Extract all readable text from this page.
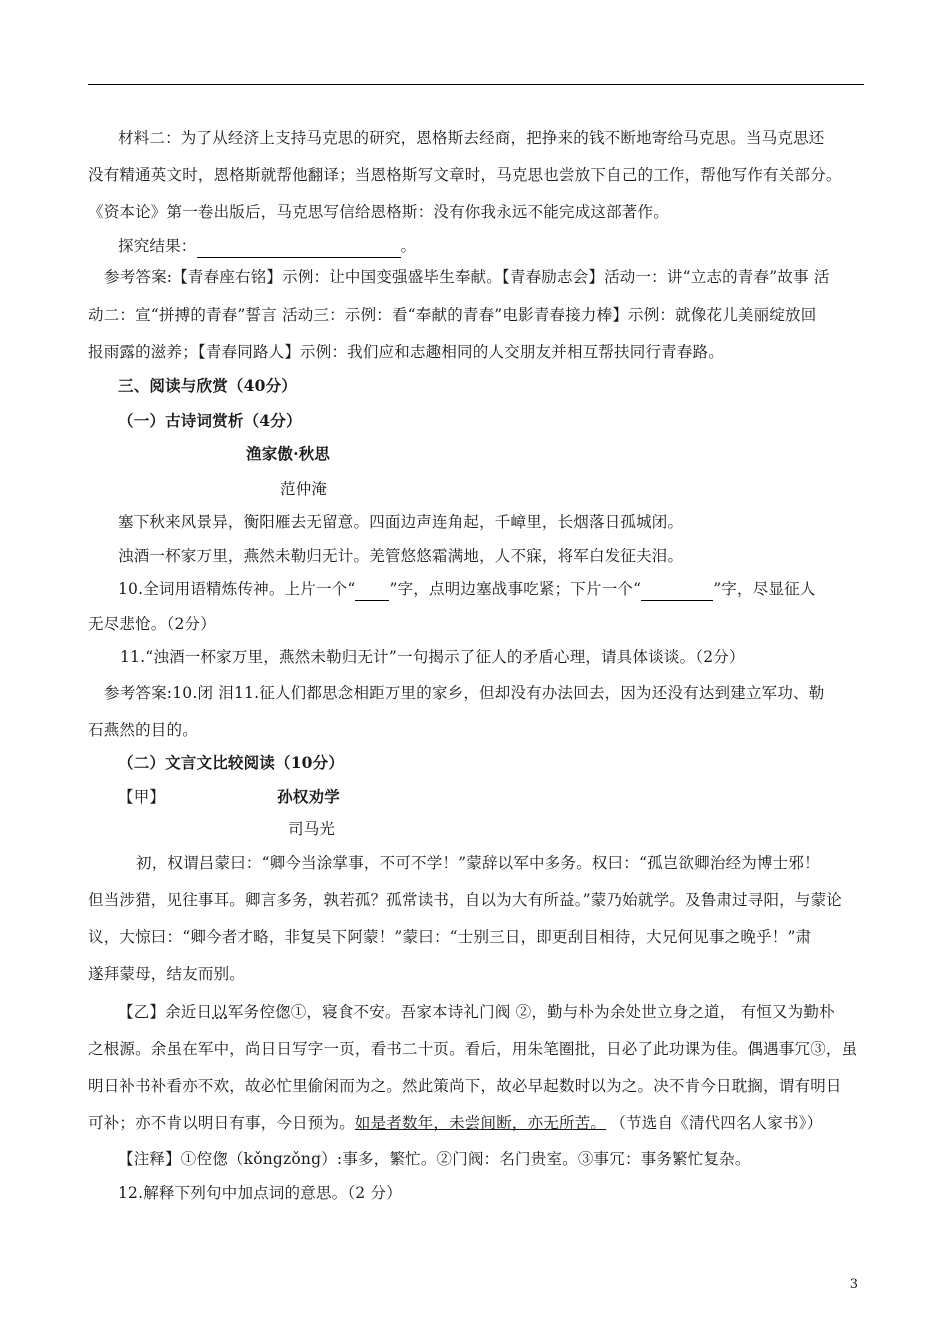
材料二：为了从经济上支持马克思的研究，恩格斯去经商，把挣来的钱不断地寄给马克思。当马克思还
没有精通英文时，恩格斯就帮他翻译；当恩格斯写文章时，马克思也尝放下自己的工作，帮他写作有关部分。
《资本论》第一卷出版后，马克思写信给恩格斯：没有你我永远不能完成这部著作。
探究结果：	。
参考答案:【青春座右铭】示例：让中国变强盛毕生奉献。【青春励志会】活动一：讲“立志的青春”故事 活
动二：宣“拼搏的青春”誓言 活动三：示例：看“奉献的青春”电影青春接力棒】示例：就像花儿美丽绽放回
报雨露的滋养；【青春同路人】示例：我们应和志趣相同的人交朋友并相互帮扶同行青春路。
三、阅读与欣赏（40分）
（一）古诗词赏析（4分）
渔家傲·秋思
范仲淹
塞下秋来风景异，衡阳雁去无留意。四面边声连角起，千嶂里，长烟落日孤城闭。
浊酒一杯家万里，燕然未勒归无计。羌管悠悠霜满地，人不寐，将军白发征夫泪。
10.全词用语精炼传神。上片一个“ ”字，点明边塞战事吃紧；下片一个“	”字，尽显征人
无尽悲怆。（2分）
11.“浊酒一杯家万里，燕然未勒归无计”一句揭示了征人的矛盾心理，请具体谈谈。（2分）
参考答案:10.闭 泪11.征人们都思念相距万里的家乡，但却没有办法回去，因为还没有达到建立军功、勒
石燕然的目的。
（二）文言文比较阅读（10分）
【甲】	孙权劝学
司马光
初，权谓吕蒙曰：“卿今当涂掌事，不可不学！”蒙辞以军中多务。权曰：“孤岂欲卿治经为博士邪！
但当涉猎，见往事耳。卿言多务，孰若孤？孤常读书，自以为大有所益。”蒙乃始就学。及鲁肃过寻阳，与蒙论
议，大惊曰：“卿今者才略，非复吴下阿蒙！”蒙曰：“士别三日，即更刮目相待，大兄何见事之晚乎！”肃
遂拜蒙母，结友而别。
【乙】余近日以军务倥偬①，寝食不安。吾家本诗礼门阀 ②，勤与朴为余处世立身之道， 有恒又为勤朴
之根源。余虽在军中，尚日日写字一页，看书二十页。看后，用朱笔圈批，日必了此功课为佳。偶遇事冗③，虽
明日补书补看亦不欢，故必忙里偷闲而为之。然此策尚下，故必早起数时以为之。决不肯今日耽搁，谓有明日
可补；亦不肯以明日有事，今日预为。如是者数年，未尝间断，亦无所苦。 （节选自《清代四名人家书》）
【注释】①倥偬（kǒngzǒng）:事多，繁忙。②门阀：名门贵室。③事冗：事务繁忙复杂。
12.解释下列句中加点词的意思。（2 分）
3
